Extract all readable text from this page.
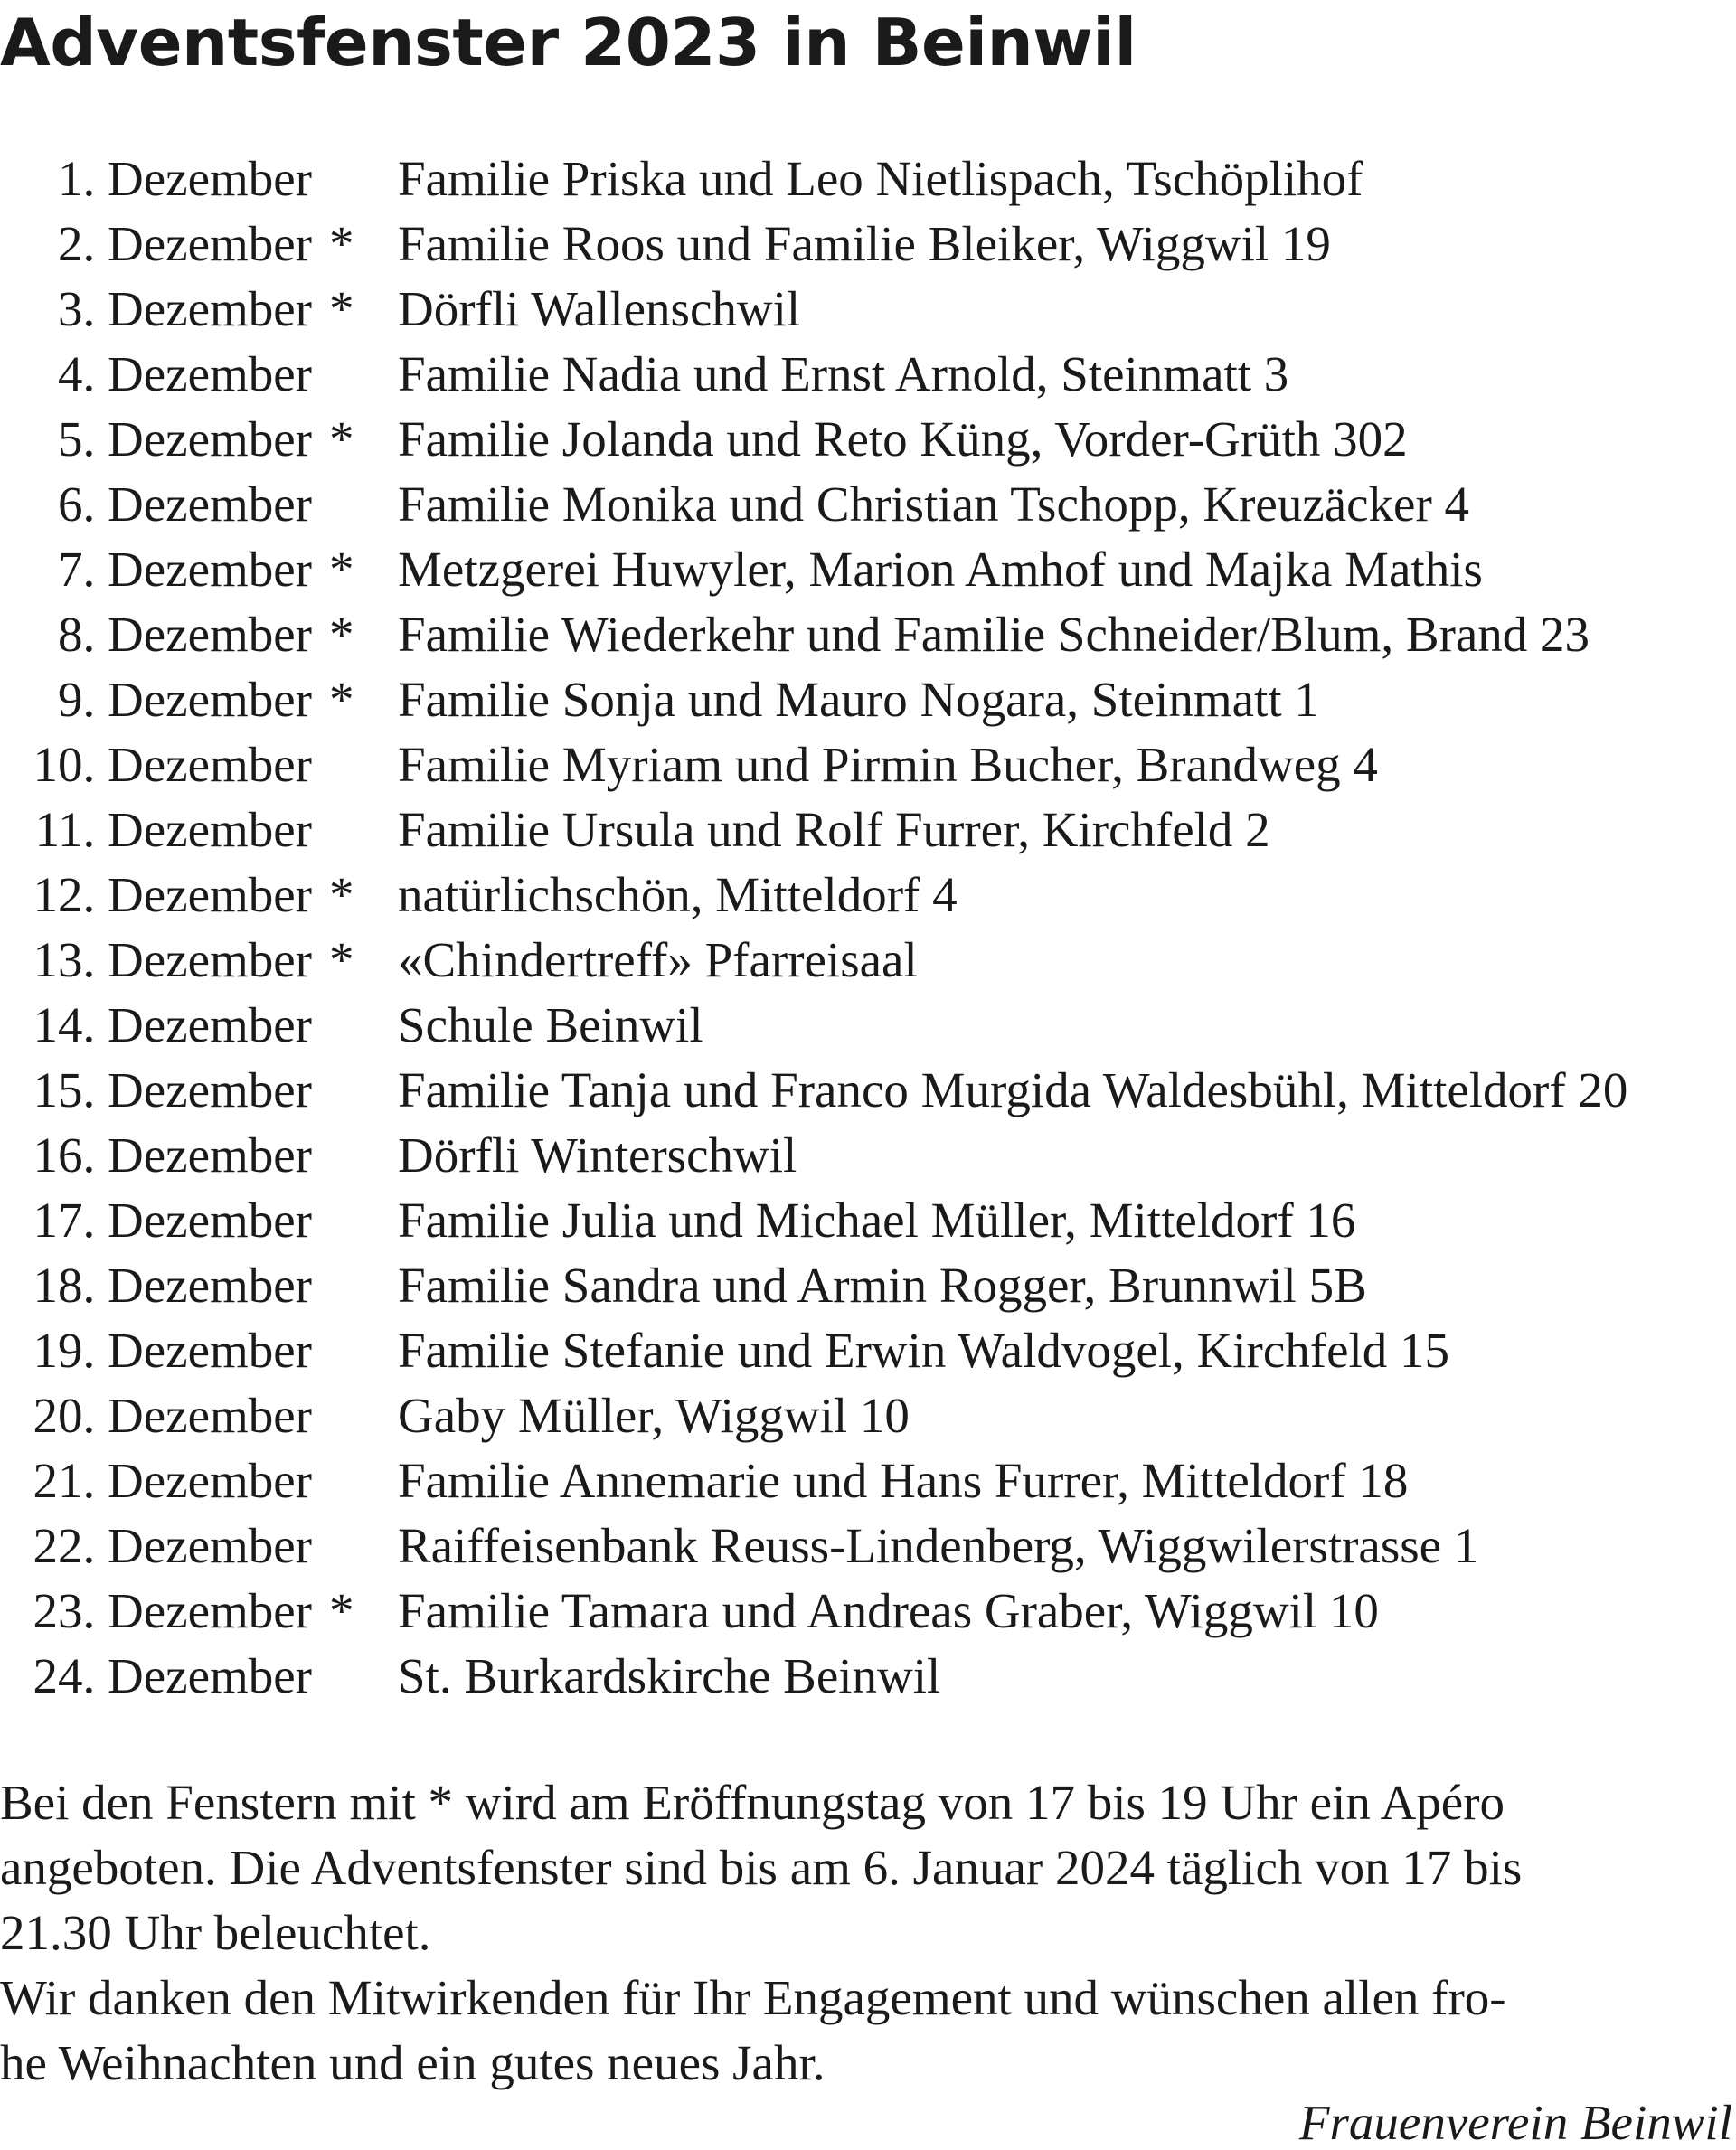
Adventsfenster 2023 in Beinwil
1. Dezember Familie Priska und Leo Nietlispach, Tschöplihof
2. Dezember * Familie Roos und Familie Bleiker, Wiggwil 19
3. Dezember * Dörfli Wallenschwil
4. Dezember Familie Nadia und Ernst Arnold, Steinmatt 3
5. Dezember * Familie Jolanda und Reto Küng, Vorder-Grüth 302
6. Dezember Familie Monika und Christian Tschopp, Kreuzäcker 4
7. Dezember * Metzgerei Huwyler, Marion Amhof und Majka Mathis
8. Dezember * Familie Wiederkehr und Familie Schneider/Blum, Brand 23
9. Dezember * Familie Sonja und Mauro Nogara, Steinmatt 1
10. Dezember Familie Myriam und Pirmin Bucher, Brandweg 4
11. Dezember Familie Ursula und Rolf Furrer, Kirchfeld 2
12. Dezember * natürlichschön, Mitteldorf 4
13. Dezember * «Chindertreff» Pfarreisaal
14. Dezember Schule Beinwil
15. Dezember Familie Tanja und Franco Murgida Waldesbühl, Mitteldorf 20
16. Dezember Dörfli Winterschwil
17. Dezember Familie Julia und Michael Müller, Mitteldorf 16
18. Dezember Familie Sandra und Armin Rogger, Brunnwil 5B
19. Dezember Familie Stefanie und Erwin Waldvogel, Kirchfeld 15
20. Dezember Gaby Müller, Wiggwil 10
21. Dezember Familie Annemarie und Hans Furrer, Mitteldorf 18
22. Dezember Raiffeisenbank Reuss-Lindenberg, Wiggwilerstrasse 1
23. Dezember * Familie Tamara und Andreas Graber, Wiggwil 10
24. Dezember St. Burkardskirche Beinwil
Bei den Fenstern mit * wird am Eröffnungstag von 17 bis 19 Uhr ein Apéro
angeboten. Die Adventsfenster sind bis am 6. Januar 2024 täglich von 17 bis
21.30 Uhr beleuchtet.
Wir danken den Mitwirkenden für Ihr Engagement und wünschen allen fro-
he Weihnachten und ein gutes neues Jahr.
Frauenverein Beinwil
